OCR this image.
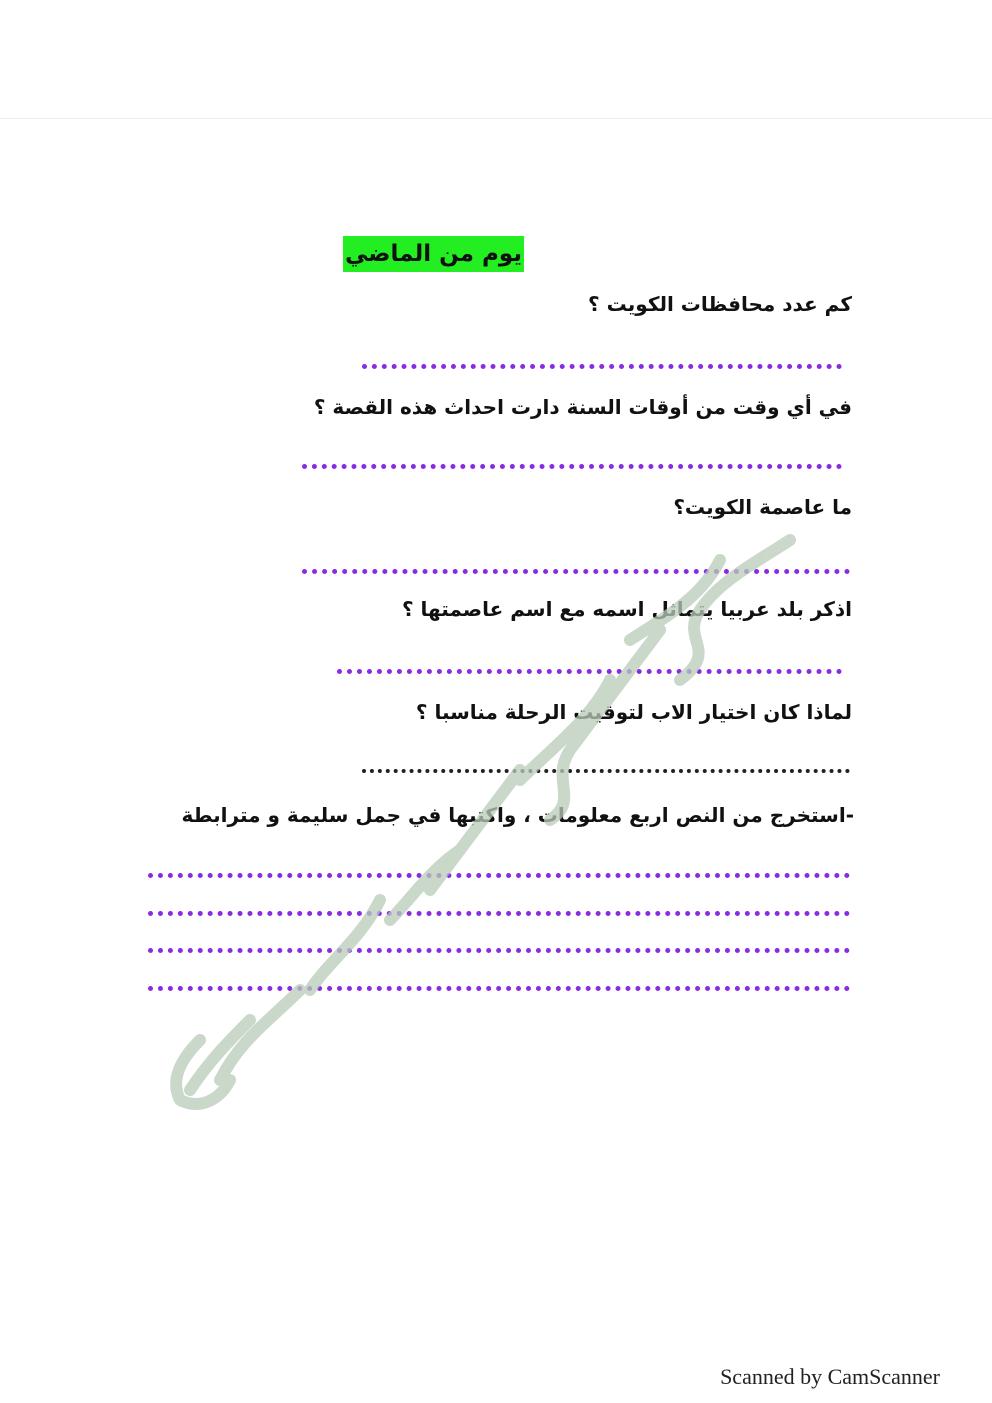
يوم من الماضي
كم عدد محافظات الكويت ؟
في أي وقت من أوقات السنة دارت احداث هذه القصة ؟
ما عاصمة الكويت؟
اذكر بلد عربيا يتماثل اسمه مع اسم عاصمتها ؟
لماذا كان اختيار الاب لتوقيت الرحلة مناسبا ؟
-استخرج من النص اربع معلومات ، واكتبها في جمل سليمة و مترابطة
Scanned by CamScanner
